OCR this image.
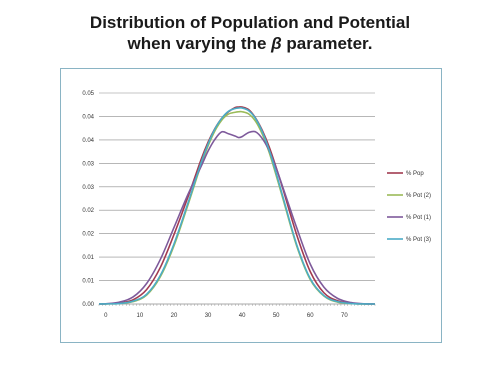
Distribution of Population and Potential
when varying the β parameter.
0.00
0.01
0.01
0.02
0.02
0.03
0.03
0.04
0.04
0.05
0	10	20	30	40	50	60	70
% Pop
% Pot (2)
% Pot (1)
% Pot (3)
